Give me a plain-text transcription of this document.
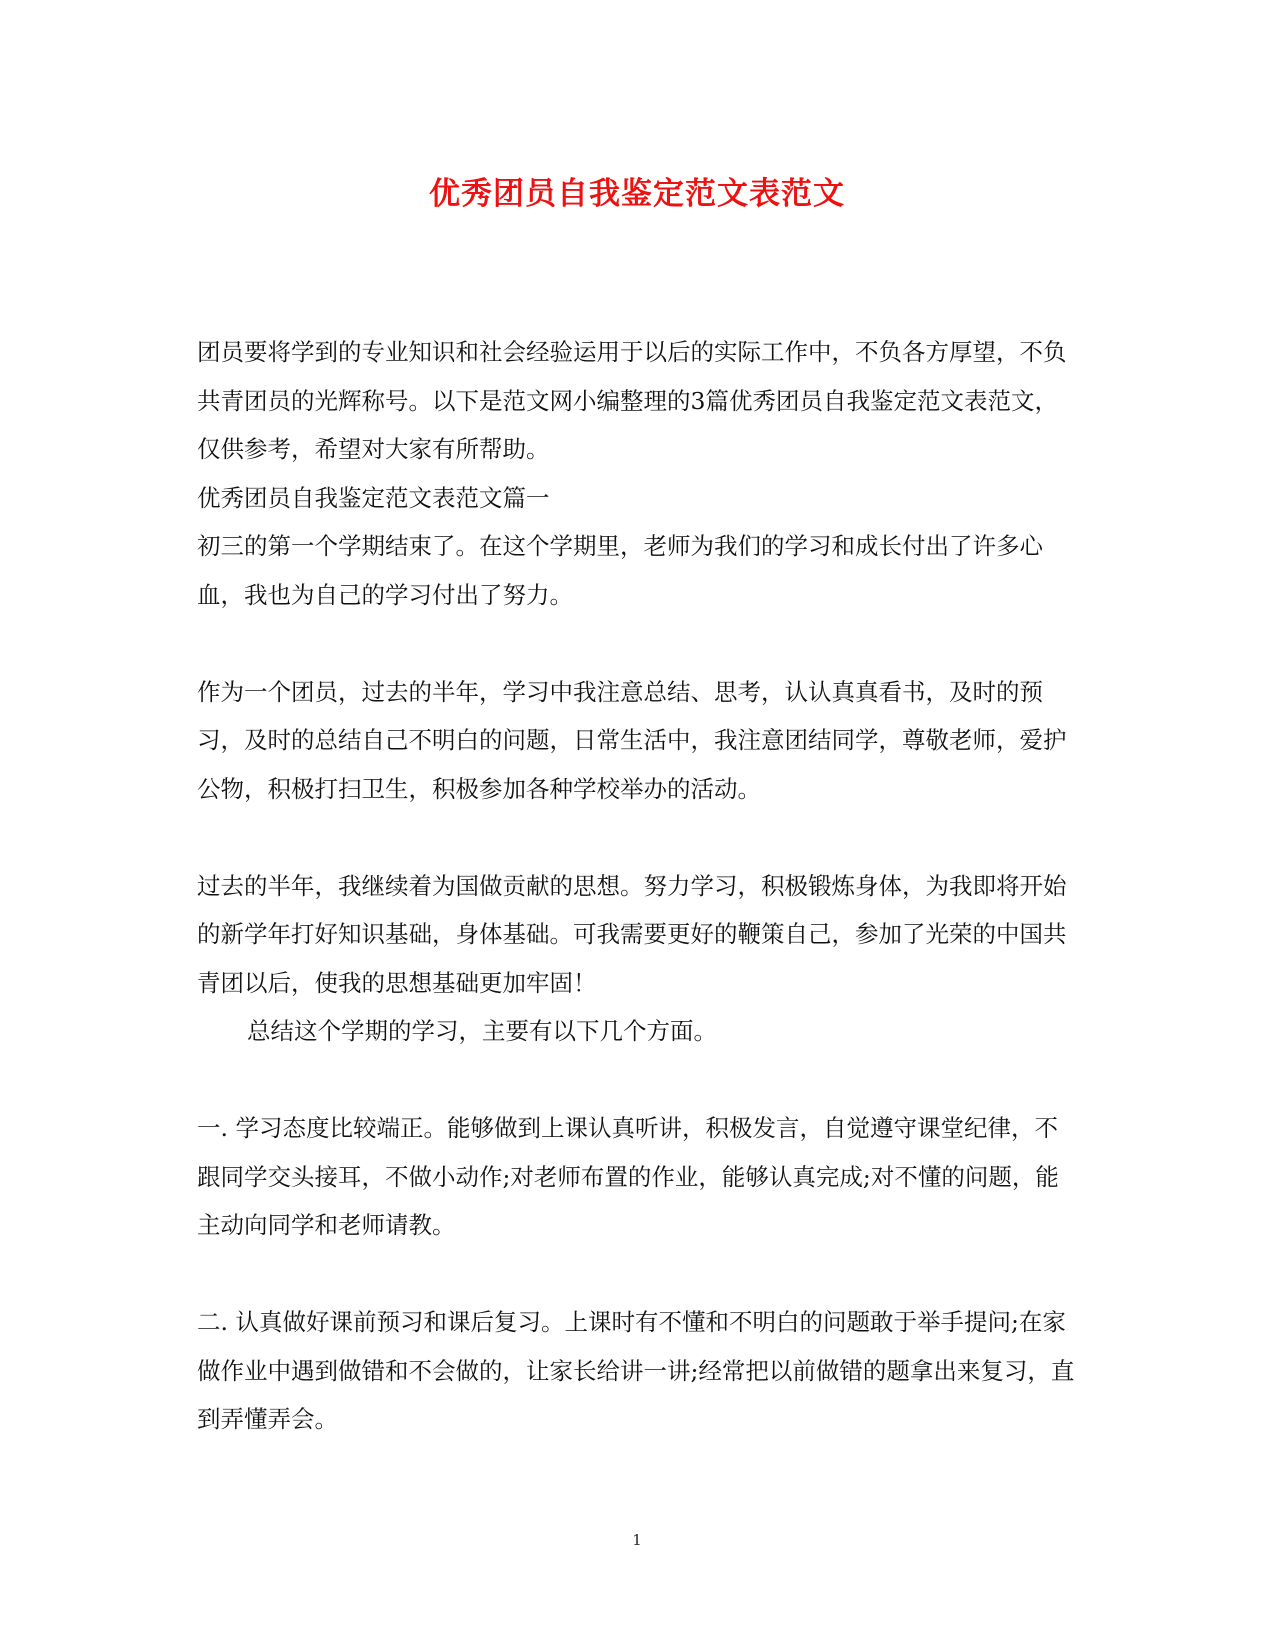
优秀团员自我鉴定范文表范文

团员要将学到的专业知识和社会经验运用于以后的实际工作中，不负各方厚望，不负共青团员的光辉称号。以下是范文网小编整理的3篇优秀团员自我鉴定范文表范文，仅供参考，希望对大家有所帮助。

优秀团员自我鉴定范文表范文篇一

初三的第一个学期结束了。在这个学期里，老师为我们的学习和成长付出了许多心血，我也为自己的学习付出了努力。

作为一个团员，过去的半年，学习中我注意总结、思考，认认真真看书，及时的预习，及时的总结自己不明白的问题，日常生活中，我注意团结同学，尊敬老师，爱护公物，积极打扫卫生，积极参加各种学校举办的活动。

过去的半年，我继续着为国做贡献的思想。努力学习，积极锻炼身体，为我即将开始的新学年打好知识基础，身体基础。可我需要更好的鞭策自己，参加了光荣的中国共青团以后，使我的思想基础更加牢固！

总结这个学期的学习，主要有以下几个方面。

一. 学习态度比较端正。能够做到上课认真听讲，积极发言，自觉遵守课堂纪律，不跟同学交头接耳，不做小动作;对老师布置的作业，能够认真完成;对不懂的问题，能主动向同学和老师请教。

二. 认真做好课前预习和课后复习。上课时有不懂和不明白的问题敢于举手提问;在家做作业中遇到做错和不会做的，让家长给讲一讲;经常把以前做错的题拿出来复习，直到弄懂弄会。

1
